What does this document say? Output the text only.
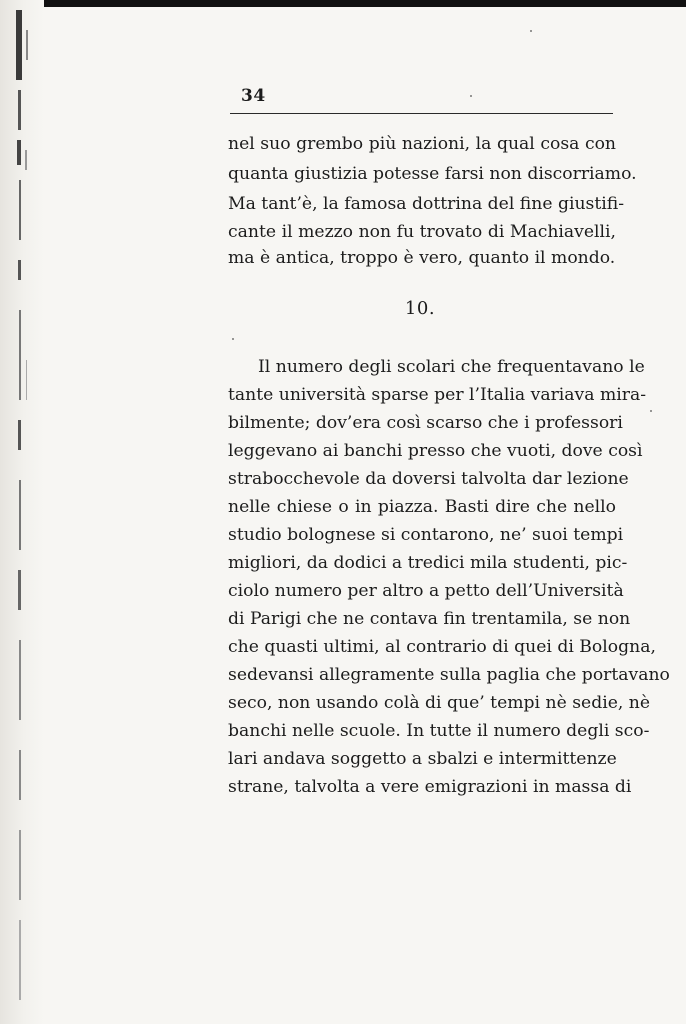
34
nel suo grembo più nazioni, la qual cosa con
quanta giustizia potesse farsi non discorriamo.
Ma tant’è, la famosa dottrina del fine giustifi-
cante il mezzo non fu trovato di Machiavelli,
ma è antica, troppo è vero, quanto il mondo.
10.
Il numero degli scolari che frequentavano le
tante università sparse per l’Italia variava mira-
bilmente; dov’era così scarso che i professori
leggevano ai banchi presso che vuoti, dove così
strabocchevole da doversi talvolta dar lezione
nelle chiese o in piazza. Basti dire che nello
studio bolognese si contarono, ne’ suoi tempi
migliori, da dodici a tredici mila studenti, pic-
ciolo numero per altro a petto dell’Università
di Parigi che ne contava fin trentamila, se non
che quasti ultimi, al contrario di quei di Bologna,
sedevansi allegramente sulla paglia che portavano
seco, non usando colà di que’ tempi nè sedie, nè
banchi nelle scuole. In tutte il numero degli sco-
lari andava soggetto a sbalzi e intermittenze
strane, talvolta a vere emigrazioni in massa di
